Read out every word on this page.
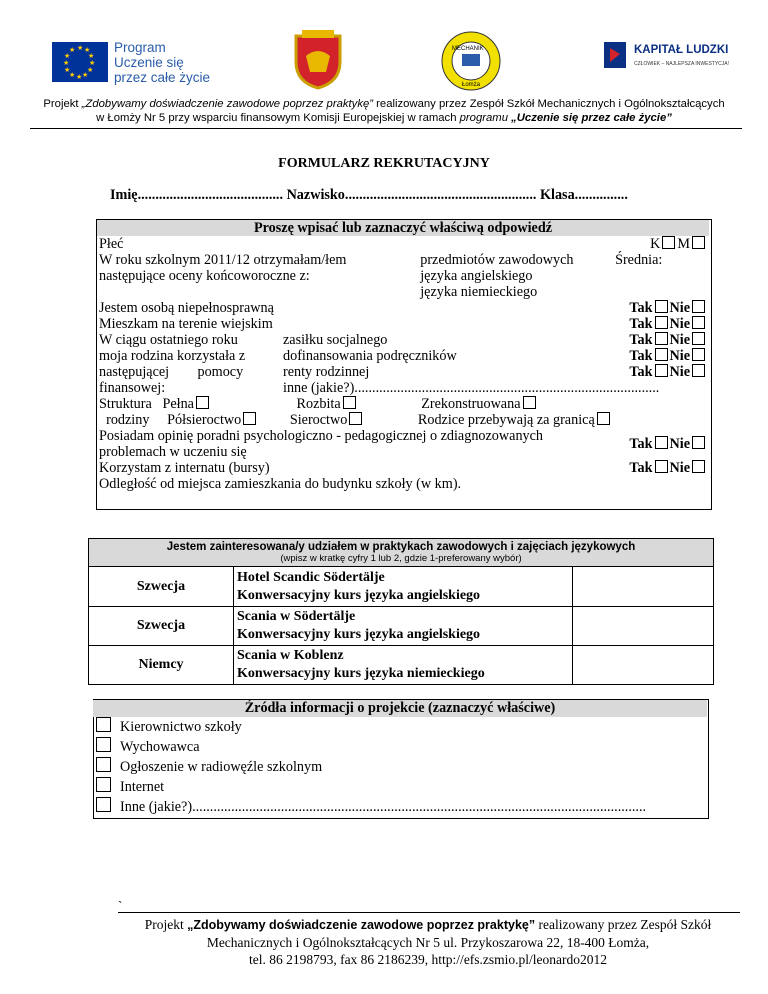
★ ★
★
★
★
★
★
★
★
★
★
★	Program
Uczenie się
przez całe życie
MECHANIK
Łomża
KAPITAŁ LUDZKI
CZŁOWIEK – NAJLEPSZA INWESTYCJA!
Projekt „Zdobywamy doświadczenie zawodowe poprzez praktykę” realizowany przez Zespół Szkół Mechanicznych i Ogólnokształcących
w Łomży Nr 5 przy wsparciu finansowym Komisji Europejskiej w ramach programu „Uczenie się przez całe życie”
FORMULARZ REKRUTACYJNY
Imię......................................... Nazwisko...................................................... Klasa...............
Proszę wpisać lub zaznaczyć właściwą odpowiedź			
Płeć			K M
W roku szkolnym 2011/12 otrzymałam/łem		przedmiotów zawodowych	Średnia:
następujące oceny końcoworoczne z:		języka angielskiego	
		języka niemieckiego	
Jestem osobą niepełnosprawną			Tak Nie
Mieszkam na terenie wiejskim			Tak Nie
W ciągu ostatniego roku	zasiłku socjalnego		Tak Nie
moja rodzina korzystała z	dofinansowania podręczników		Tak Nie
następującej        pomocy	renty rodzinnej		Tak Nie
finansowej:	inne (jakie?)......................................................................................		
Struktura Pełna Rozbita Zrekonstruowana			
rodziny Półsieroctwo Sieroctwo Rodzice przebywają za granicą			

Posiadam opinię poradni psychologiczno - pedagogicznej o zdiagnozowanych
problemach w uczeniu się			Tak Nie
Korzystam z internatu (bursy)			Tak Nie
Odległość od miejsca zamieszkania do budynku szkoły (w km).			
Jestem zainteresowana/y udziałem w praktykach zawodowych i zajęciach językowych
(wpisz w kratkę cyfry 1 lub 2, gdzie 1-preferowany wybór)		

Szwecja	Hotel Scandic Södertälje
Konwersacyjny kurs języka angielskiego	

Szwecja	Scania w Södertälje
Konwersacyjny kurs języka angielskiego	

Niemcy	Scania w Koblenz
Konwersacyjny kurs języka niemieckiego	

Źródła informacji o projekcie (zaznaczyć właściwe)	
	Kierownictwo szkoły
	Wychowawca
	Ogłoszenie w radiowęźle szkolnym
	Internet
	Inne (jakie?)................................................................................................................................
`
Projekt „Zdobywamy doświadczenie zawodowe poprzez praktykę” realizowany przez Zespół Szkół
Mechanicznych i Ogólnokształcących Nr 5 ul. Przykoszarowa 22, 18-400 Łomża,
tel. 86 2198793, fax 86 2186239, http://efs.zsmio.pl/leonardo2012
